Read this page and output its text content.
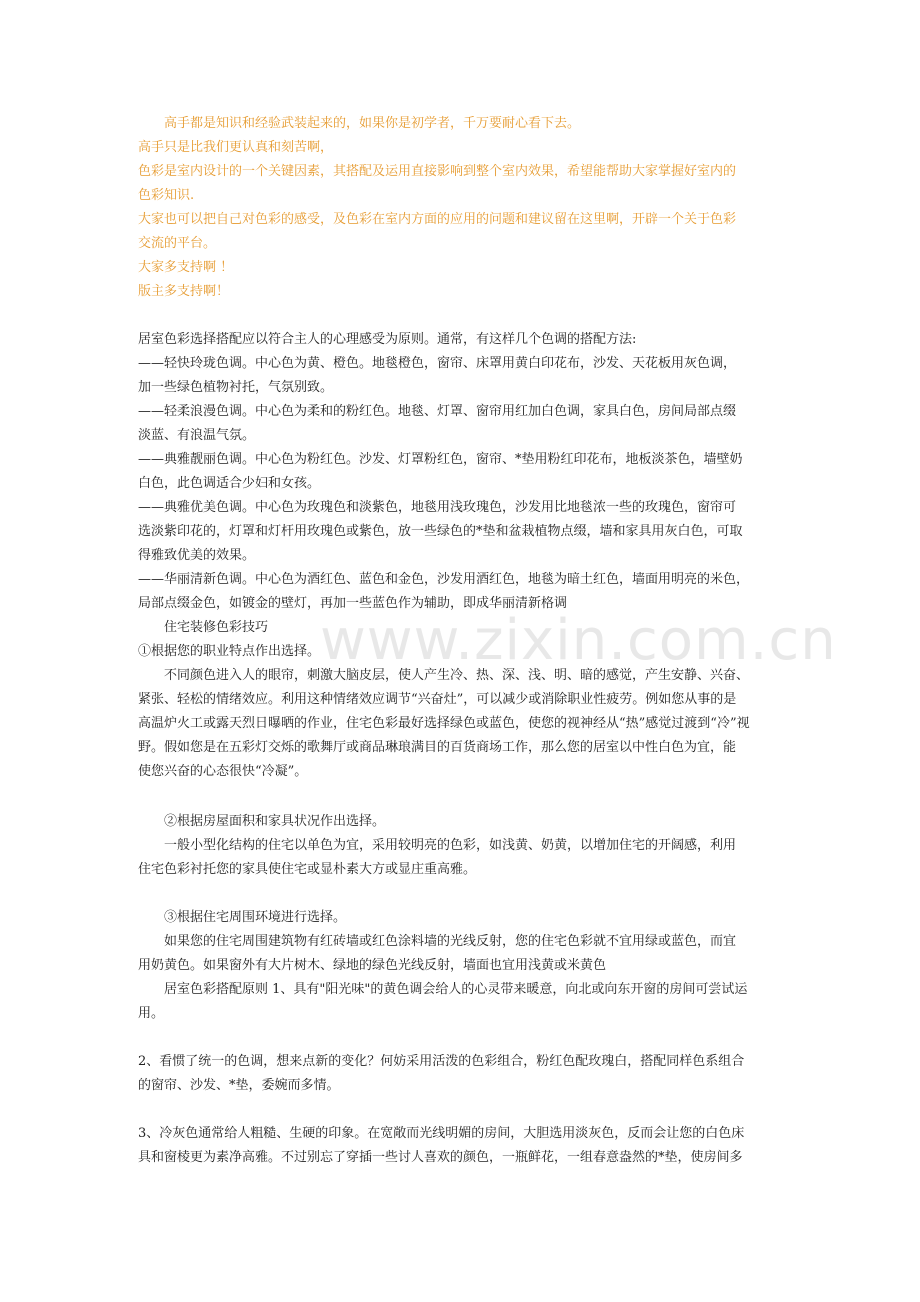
www.zixin.com.cn
高手都是知识和经验武装起来的，如果你是初学者，千万要耐心看下去。
高手只是比我们更认真和刻苦啊，
色彩是室内设计的一个关键因素，其搭配及运用直接影响到整个室内效果，希望能帮助大家掌握好室内的
色彩知识.
大家也可以把自己对色彩的感受，及色彩在室内方面的应用的问题和建议留在这里啊，开辟一个关于色彩
交流的平台。
大家多支持啊 ！
版主多支持啊！
居室色彩选择搭配应以符合主人的心理感受为原则。通常，有这样几个色调的搭配方法:
——轻快玲珑色调。中心色为黄、橙色。地毯橙色，窗帘、床罩用黄白印花布，沙发、天花板用灰色调，
加一些绿色植物衬托，气氛别致。
——轻柔浪漫色调。中心色为柔和的粉红色。地毯、灯罩、窗帘用红加白色调，家具白色，房间局部点缀
淡蓝、有浪温气氛。
——典雅靓丽色调。中心色为粉红色。沙发、灯罩粉红色，窗帘、*垫用粉红印花布，地板淡茶色，墙壁奶
白色，此色调适合少妇和女孩。
——典雅优美色调。中心色为玫瑰色和淡紫色，地毯用浅玫瑰色，沙发用比地毯浓一些的玫瑰色，窗帘可
选淡紫印花的，灯罩和灯杆用玫瑰色或紫色，放一些绿色的*垫和盆栽植物点缀，墙和家具用灰白色，可取
得雅致优美的效果。
——华丽清新色调。中心色为酒红色、蓝色和金色，沙发用酒红色，地毯为暗土红色，墙面用明亮的米色，
局部点缀金色，如镀金的壁灯，再加一些蓝色作为辅助，即成华丽清新格调
住宅装修色彩技巧
①根据您的职业特点作出选择。
不同颜色进入人的眼帘，刺激大脑皮层，使人产生冷、热、深、浅、明、暗的感觉，产生安静、兴奋、
紧张、轻松的情绪效应。利用这种情绪效应调节“兴奋灶”，可以减少或消除职业性疲劳。例如您从事的是
高温炉火工或露天烈日曝晒的作业，住宅色彩最好选择绿色或蓝色，使您的视神经从“热”感觉过渡到“冷”视
野。假如您是在五彩灯交烁的歌舞厅或商品琳琅满目的百货商场工作，那么您的居室以中性白色为宜，能
使您兴奋的心态很快“冷凝”。
②根据房屋面积和家具状况作出选择。
一般小型化结构的住宅以单色为宜，采用较明亮的色彩，如浅黄、奶黄，以增加住宅的开阔感，利用
住宅色彩衬托您的家具使住宅或显朴素大方或显庄重高雅。
③根据住宅周围环境进行选择。
如果您的住宅周围建筑物有红砖墙或红色涂料墙的光线反射，您的住宅色彩就不宜用绿或蓝色，而宜
用奶黄色。如果窗外有大片树木、绿地的绿色光线反射，墙面也宜用浅黄或米黄色
居室色彩搭配原则 1、具有"阳光味"的黄色调会给人的心灵带来暖意，向北或向东开窗的房间可尝试运
用。
2、看惯了统一的色调，想来点新的变化？何妨采用活泼的色彩组合，粉红色配玫瑰白，搭配同样色系组合
的窗帘、沙发、*垫，委婉而多情。
3、冷灰色通常给人粗糙、生硬的印象。在宽敞而光线明媚的房间，大胆选用淡灰色，反而会让您的白色床
具和窗棱更为素净高雅。不过别忘了穿插一些讨人喜欢的颜色，一瓶鲜花，一组春意盎然的*垫，使房间多
